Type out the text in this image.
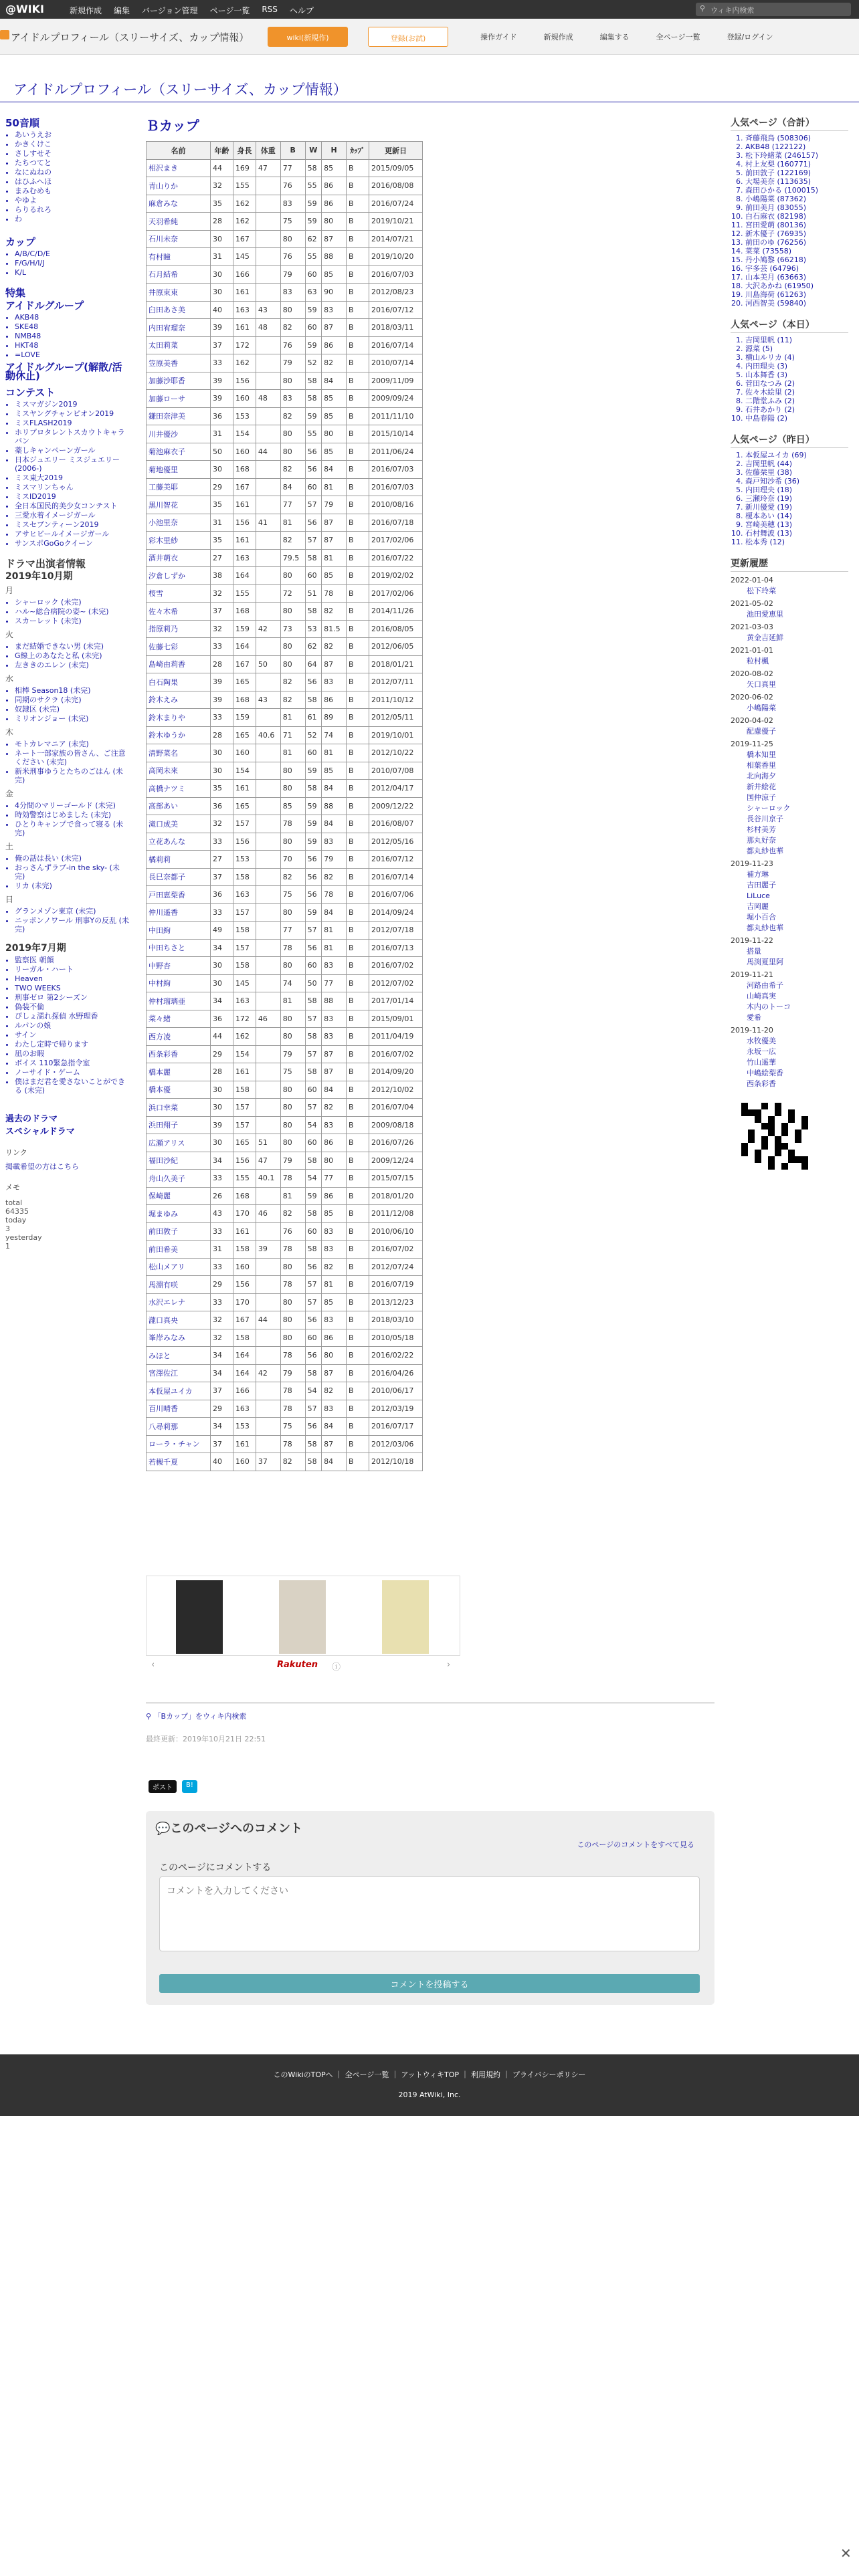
@WIKI	新規作成 編集 バージョン管理 ページ一覧 RSS ヘルプ	⚲ ウィキ内検索
アイドルプロフィール（スリーサイズ、カップ情報）	wiki(新規作)	登録(お試)	操作ガイド	新規作成	編集する	全ページ一覧	登録/ログイン
アイドルプロフィール（スリーサイズ、カップ情報）
50音順
• あいうえお
• かきくけこ
• さしすせそ
• たちつてと
• なにぬねの
• はひふへほ
• まみむめも
• やゆよ
• らりるれろ
• わ
カップ
• A/B/C/D/E
• F/G/H/I/J
• K/L
特集
アイドルグループ
• AKB48
• SKE48
• NMB48
• HKT48
• =LOVE
アイドルグループ(解散/活動休止)
コンテスト
• ミスマガジン2019
• ミスヤングチャンピオン2019
• ミスFLASH2019
• ホリプロタレントスカウトキャラバン
• 薬しキャンペーンガール
• 日本ジュエリー ミスジュエリー(2006-)
• ミス東大2019
• ミスマリンちゃん
• ミスID2019
• 全日本国民的美少女コンテスト
• 三愛水着イメージガール
• ミスセブンティーン2019
• アサヒビールイメージガール
• サンスポGoGoクイーン
ドラマ出演者情報
2019年10月期
月
• シャーロック (未完)
• ハル~総合病院の姿~ (未完)
• スカーレット (未完)
火
• まだ結婚できない男 (未完)
• G線上のあなたと私 (未完)
• 左ききのエレン (未完)
水
• 相棒 Season18 (未完)
• 同期のサクラ (未完)
• 奴隷区 (未完)
• ミリオンジョー (未完)
木
• モトカレマニア (未完)
• ネート一部家族の皆さん、ご注意ください (未完)
• 新米刑事ゆうとたちのごはん (未完)
金
• 4分間のマリーゴールド (未完)
• 時効警察はじめました (未完)
• ひとりキャンプで食って寝る (未完)
土
• 俺の話は長い (未完)
• おっさんずラブ-in the sky- (未完)
• リカ (未完)
日
• グランメゾン東京 (未完)
• ニッポンノワール 刑事Yの反乱 (未完)
2019年7月期
• 監察医 朝顔
• リーガル・ハート
• Heaven
• TWO WEEKS
• 刑事ゼロ 第2シーズン
• 偽装不倫
• ぴしょ濡れ探偵 水野理香
• ルパンの娘
• サイン
• わたし定時で帰ります
• 凪のお暇
• ボイス 110緊急指令室
• ノーサイド・ゲーム
• 僕はまだ君を愛さないことができる (未完)
過去のドラマ
スペシャルドラマ
リンク
掲載希望の方はこちら
メモ
total
64335
today
3
yesterday
1
Ｂカップ
名前	年齢	身長	体重	B	W	H	ｶｯﾌﾟ	更新日
相沢まき	44	169	47	77	58	85	B	2015/09/05
青山りか	32	155		76	55	86	B	2016/08/08
麻倉みな	35	162		83	59	86	B	2016/07/24
天羽希純	28	162		75	59	80	B	2019/10/21
石川未奈	30	167		80	62	87	B	2014/07/21
有村瞳	31	145		76	55	88	B	2019/10/20
石月結希	30	166		79	60	85	B	2016/07/03
井原束束	30	161		83	63	90	B	2012/08/23
臼田あさ美	40	163	43	80	59	83	B	2016/07/12
内田宥瑠奈	39	161	48	82	60	87	B	2018/03/11
太田莉菜	37	172		76	59	86	B	2016/07/14
笠原美香	33	162		79	52	82	B	2010/07/14
加藤沙耶香	39	156		80	58	84	B	2009/11/09
加藤ローサ	39	160	48	83	58	85	B	2009/09/24
鎌田奈津美	36	153		82	59	85	B	2011/11/10
川井優沙	31	154		80	55	80	B	2015/10/14
菊池麻衣子	50	160	44	80	56	85	B	2011/06/24
菊地優里	30	168		82	56	84	B	2016/07/03
工藤美耶	29	167		84	60	81	B	2016/07/03
黒川智花	35	161		77	57	79	B	2010/08/16
小池里奈	31	156	41	81	56	87	B	2016/07/18
彩木里紗	35	161		82	57	87	B	2017/02/06
酒井萌衣	27	163		79.5	58	81	B	2016/07/22
汐倉しずか	38	164		80	60	85	B	2019/02/02
桜雪	32	155		72	51	78	B	2017/02/06
佐々木希	37	168		80	58	82	B	2014/11/26
指原莉乃	32	159	42	73	53	81.5	B	2016/08/05
佐藤七彩	33	164		80	62	82	B	2012/06/05
島崎由莉香	28	167	50	80	64	87	B	2018/01/21
白石陶果	39	165		82	56	83	B	2012/07/11
鈴木えみ	39	168	43	82	58	86	B	2011/10/12
鈴木まりや	33	159		81	61	89	B	2012/05/11
鈴木ゆうか	28	165	40.6	71	52	74	B	2019/10/01
清野菜名	30	160		81	60	81	B	2012/10/22
高岡未來	30	154		80	59	85	B	2010/07/08
高橋ナツミ	35	161		80	58	84	B	2012/04/17
高部あい	36	165		85	59	88	B	2009/12/22
滝口成美	32	157		78	59	84	B	2016/08/07
立花あんな	33	156		80	59	83	B	2012/05/16
橘莉莉	27	153		70	56	79	B	2016/07/12
長巳奈都子	37	158		82	56	82	B	2016/07/14
戸田恵梨香	36	163		75	56	78	B	2016/07/06
仲川遥香	33	157		80	59	84	B	2014/09/24
中田絢	49	158		77	57	81	B	2012/07/18
中田ちさと	34	157		78	56	81	B	2016/07/13
中野杏	30	158		80	60	83	B	2016/07/02
中村絢	30	145		74	50	77	B	2012/07/02
仲村瑠璃亜	34	163		81	58	88	B	2017/01/14
菜々緒	36	172	46	80	57	83	B	2015/09/01
西方凌	44	162		80	58	83	B	2011/04/19
西条彩香	29	154		79	57	87	B	2016/07/02
橋本麗	28	161		75	58	87	B	2014/09/20
橋本優	30	158		80	60	84	B	2012/10/02
浜口幸菜	30	157		80	57	82	B	2016/07/04
浜田翔子	39	157		80	54	83	B	2009/08/18
広瀬アリス	30	165	51	80	60	86	B	2016/07/26
福田沙紀	34	156	47	79	58	80	B	2009/12/24
舟山久美子	33	155	40.1	78	54	77	B	2015/07/15
保崎麗	26	168		81	59	86	B	2018/01/20
堀まゆみ	43	170	46	82	58	85	B	2011/12/08
前田敦子	33	161		76	60	83	B	2010/06/10
前田希美	31	158	39	78	58	83	B	2016/07/02
松山メアリ	33	160		80	56	82	B	2012/07/24
馬淵有咲	29	156		78	57	81	B	2016/07/19
水沢エレナ	33	170		80	57	85	B	2013/12/23
瀧口真央	32	167	44	80	56	83	B	2018/03/10
峯岸みなみ	32	158		80	60	86	B	2010/05/18
みほと	34	164		78	56	80	B	2016/02/22
宮澤佐江	34	164	42	79	58	87	B	2016/04/26
本仮屋ユイカ	37	166		78	54	82	B	2010/06/17
百川晴香	29	163		78	57	83	B	2012/03/19
八尋莉那	34	153		75	56	84	B	2016/07/17
ローラ・チャン	37	161		78	58	87	B	2012/03/06
若槻千夏	40	160	37	82	58	84	B	2012/10/18
‹	Rakuten ⓘ	›
⚲ 「Bカップ」をウィキ内検索
最終更新：2019年10月21日 22:51
ポスト	B!
💬このページへのコメント
このページのコメントをすべて見る
このページにコメントする
コメントを入力してください
コメントを投稿する
このWikiのTOPへ ｜ 全ページ一覧 ｜ アットウィキTOP ｜ 利用規約 ｜ プライバシーポリシー
2019 AtWiki, Inc.
人気ページ（合計）
1. 斉藤飛鳥 (508306)
2. AKB48 (122122)
3. 松下玲緒菜 (246157)
4. 村上友梨 (160771)
5. 前田敦子 (122169)
6. 大場美奈 (113635)
7. 森田ひかる (100015)
8. 小嶋陽菜 (87362)
9. 前田美月 (83055)
10. 白石麻衣 (82198)
11. 宮田愛萌 (80136)
12. 新木優子 (76935)
13. 前田のゆ (76256)
14. 菜菜 (73558)
15. 丹小鳩黎 (66218)
16. 宇多芸 (64796)
17. 山本美月 (63663)
18. 大沢あかね (61950)
19. 川島海荷 (61263)
20. 河西智美 (59840)
人気ページ（本日）
1. 吉岡里帆 (11)
2. 源菜 (5)
3. 横山ルリカ (4)
4. 内田理央 (3)
5. 山本舞香 (3)
6. 菅田なつみ (2)
7. 佐々木絵里 (2)
8. 二階堂ふみ (2)
9. 石井あかり (2)
10. 中島春陽 (2)
人気ページ（昨日）
1. 本仮屋ユイカ (69)
2. 吉岡里帆 (44)
3. 佐藤栞里 (38)
4. 森戸知沙希 (36)
5. 内田理央 (18)
6. 三瀬玲奈 (19)
7. 新川優愛 (19)
8. 榎本あい (14)
9. 宮崎美穂 (13)
10. 石村舞波 (13)
11. 松本秀 (12)
更新履歴
2022-01-04
松下玲菜
2021-05-02
池田愛恵里
2021-03-03
黄金吉延鮮
2021-01-01
粒村楓
2020-08-02
矢口真里
2020-06-02
小嶋陽菜
2020-04-02
配慮優子
2019-11-25
橋本知里
相葉香里
北向海夕
新井絵花
国仲涼子
シャーロック
長谷川京子
杉村美芳
那丸好奈
都丸紗也華
2019-11-23
補方琳
吉田麗子
LiLuce
吉岡麗
堀小百合
都丸紗也華
2019-11-22
搭量
馬渕夏里阿
2019-11-21
河路由希子
山崎真実
木内のトーコ
愛希
2019-11-20
水牧優美
永坂一広
竹山遥華
中嶋絵梨香
西条彩香
✕
